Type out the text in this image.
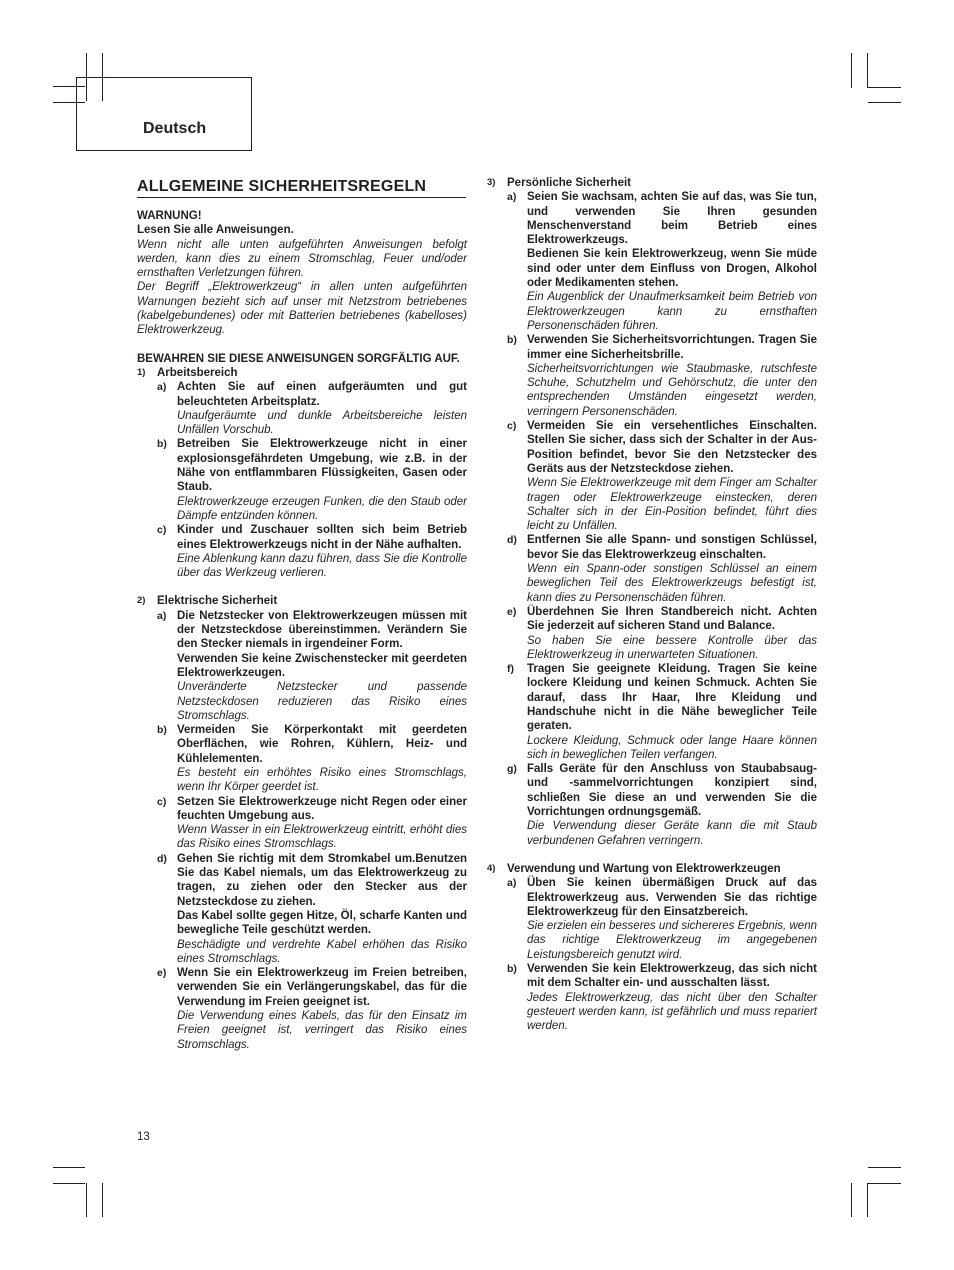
Deutsch
ALLGEMEINE SICHERHEITSREGELN
WARNUNG!
Lesen Sie alle Anweisungen.
Wenn nicht alle unten aufgeführten Anweisungen befolgt werden, kann dies zu einem Stromschlag, Feuer und/oder ernsthaften Verletzungen führen.
Der Begriff „Elektrowerkzeug“ in allen unten aufgeführten Warnungen bezieht sich auf unser mit Netzstrom betriebenes (kabelgebundenes) oder mit Batterien betriebenes (kabelloses) Elektrowerkzeug.
BEWAHREN SIE DIESE ANWEISUNGEN SORGFÄLTIG AUF.
1) Arbeitsbereich
a) Achten Sie auf einen aufgeräumten und gut beleuchteten Arbeitsplatz.
Unaufgeräumte und dunkle Arbeitsbereiche leisten Unfällen Vorschub.
b) Betreiben Sie Elektrowerkzeuge nicht in einer explosionsgefährdeten Umgebung, wie z.B. in der Nähe von entflammbaren Flüssigkeiten, Gasen oder Staub.
Elektrowerkzeuge erzeugen Funken, die den Staub oder Dämpfe entzünden können.
c) Kinder und Zuschauer sollten sich beim Betrieb eines Elektrowerkzeugs nicht in der Nähe aufhalten.
Eine Ablenkung kann dazu führen, dass Sie die Kontrolle über das Werkzeug verlieren.
2) Elektrische Sicherheit
a) Die Netzstecker von Elektrowerkzeugen müssen mit der Netzsteckdose übereinstimmen. Verändern Sie den Stecker niemals in irgendeiner Form.
Verwenden Sie keine Zwischenstecker mit geerdeten Elektrowerkzeugen.
Unveränderte Netzstecker und passende Netzsteckdosen reduzieren das Risiko eines Stromschlags.
b) Vermeiden Sie Körperkontakt mit geerdeten Oberflächen, wie Rohren, Kühlern, Heiz- und Kühlelementen.
Es besteht ein erhöhtes Risiko eines Stromschlags, wenn Ihr Körper geerdet ist.
c) Setzen Sie Elektrowerkzeuge nicht Regen oder einer feuchten Umgebung aus.
Wenn Wasser in ein Elektrowerkzeug eintritt, erhöht dies das Risiko eines Stromschlags.
d) Gehen Sie richtig mit dem Stromkabel um.Benutzen Sie das Kabel niemals, um das Elektrowerkzeug zu tragen, zu ziehen oder den Stecker aus der Netzsteckdose zu ziehen.
Das Kabel sollte gegen Hitze, Öl, scharfe Kanten und bewegliche Teile geschützt werden.
Beschädigte und verdrehte Kabel erhöhen das Risiko eines Stromschlags.
e) Wenn Sie ein Elektrowerkzeug im Freien betreiben, verwenden Sie ein Verlängerungskabel, das für die Verwendung im Freien geeignet ist.
Die Verwendung eines Kabels, das für den Einsatz im Freien geeignet ist, verringert das Risiko eines Stromschlags.
3) Persönliche Sicherheit
a) Seien Sie wachsam, achten Sie auf das, was Sie tun, und verwenden Sie Ihren gesunden Menschenverstand beim Betrieb eines Elektrowerkzeugs.
Bedienen Sie kein Elektrowerkzeug, wenn Sie müde sind oder unter dem Einfluss von Drogen, Alkohol oder Medikamenten stehen.
Ein Augenblick der Unaufmerksamkeit beim Betrieb von Elektrowerkzeugen kann zu ernsthaften Personenschäden führen.
b) Verwenden Sie Sicherheitsvorrichtungen. Tragen Sie immer eine Sicherheitsbrille.
Sicherheitsvorrichtungen wie Staubmaske, rutschfeste Schuhe, Schutzhelm und Gehörschutz, die unter den entsprechenden Umständen eingesetzt werden, verringern Personenschäden.
c) Vermeiden Sie ein versehentliches Einschalten. Stellen Sie sicher, dass sich der Schalter in der Aus-Position befindet, bevor Sie den Netzstecker des Geräts aus der Netzsteckdose ziehen.
Wenn Sie Elektrowerkzeuge mit dem Finger am Schalter tragen oder Elektrowerkzeuge einstecken, deren Schalter sich in der Ein-Position befindet, führt dies leicht zu Unfällen.
d) Entfernen Sie alle Spann- und sonstigen Schlüssel, bevor Sie das Elektrowerkzeug einschalten.
Wenn ein Spann-oder sonstigen Schlüssel an einem beweglichen Teil des Elektrowerkzeugs befestigt ist, kann dies zu Personenschäden führen.
e) Überdehnen Sie Ihren Standbereich nicht. Achten Sie jederzeit auf sicheren Stand und Balance.
So haben Sie eine bessere Kontrolle über das Elektrowerkzeug in unerwarteten Situationen.
f) Tragen Sie geeignete Kleidung. Tragen Sie keine lockere Kleidung und keinen Schmuck. Achten Sie darauf, dass Ihr Haar, Ihre Kleidung und Handschuhe nicht in die Nähe beweglicher Teile geraten.
Lockere Kleidung, Schmuck oder lange Haare können sich in beweglichen Teilen verfangen.
g) Falls Geräte für den Anschluss von Staubabsaug- und -sammelvorrichtungen konzipiert sind, schließen Sie diese an und verwenden Sie die Vorrichtungen ordnungsgemäß.
Die Verwendung dieser Geräte kann die mit Staub verbundenen Gefahren verringern.
4) Verwendung und Wartung von Elektrowerkzeugen
a) Üben Sie keinen übermäßigen Druck auf das Elektrowerkzeug aus. Verwenden Sie das richtige Elektrowerkzeug für den Einsatzbereich.
Sie erzielen ein besseres und sichereres Ergebnis, wenn das richtige Elektrowerkzeug im angegebenen Leistungsbereich genutzt wird.
b) Verwenden Sie kein Elektrowerkzeug, das sich nicht mit dem Schalter ein- und ausschalten lässt.
Jedes Elektrowerkzeug, das nicht über den Schalter gesteuert werden kann, ist gefährlich und muss repariert werden.
13
